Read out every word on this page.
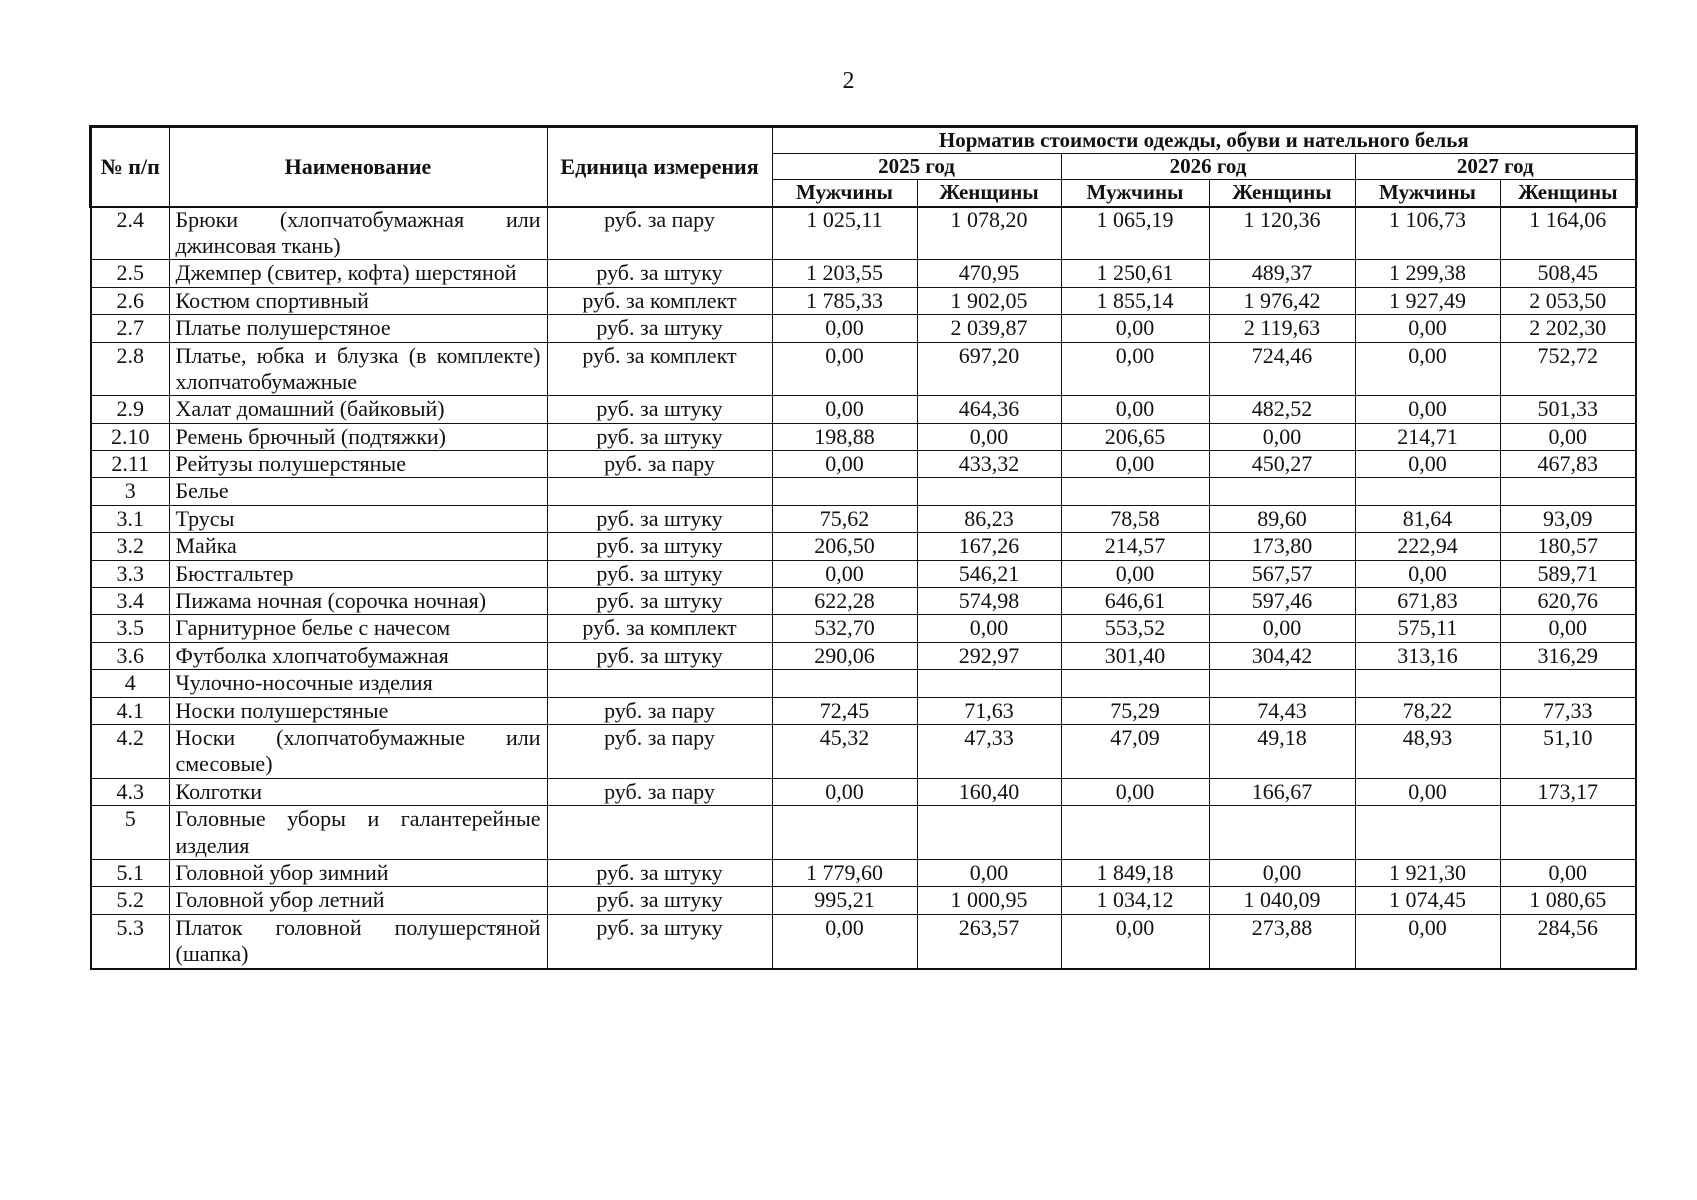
2
№ п/п	Наименование	Единица измерения	Норматив стоимости одежды, обуви и нательного белья					
			2025 год		2026 год		2027 год	
			Мужчины	Женщины	Мужчины	Женщины	Мужчины	Женщины
2.4	Брюки (хлопчатобумажная или джинсовая ткань)	руб. за пару	1 025,11	1 078,20	1 065,19	1 120,36	1 106,73	1 164,06
2.5	Джемпер (свитер, кофта) шерстяной	руб. за штуку	1 203,55	470,95	1 250,61	489,37	1 299,38	508,45
2.6	Костюм спортивный	руб. за комплект	1 785,33	1 902,05	1 855,14	1 976,42	1 927,49	2 053,50
2.7	Платье полушерстяное	руб. за штуку	0,00	2 039,87	0,00	2 119,63	0,00	2 202,30
2.8	Платье, юбка и блузка (в комплекте) хлопчатобумажные	руб. за комплект	0,00	697,20	0,00	724,46	0,00	752,72
2.9	Халат домашний (байковый)	руб. за штуку	0,00	464,36	0,00	482,52	0,00	501,33
2.10	Ремень брючный (подтяжки)	руб. за штуку	198,88	0,00	206,65	0,00	214,71	0,00
2.11	Рейтузы полушерстяные	руб. за пару	0,00	433,32	0,00	450,27	0,00	467,83
3	Белье							
3.1	Трусы	руб. за штуку	75,62	86,23	78,58	89,60	81,64	93,09
3.2	Майка	руб. за штуку	206,50	167,26	214,57	173,80	222,94	180,57
3.3	Бюстгальтер	руб. за штуку	0,00	546,21	0,00	567,57	0,00	589,71
3.4	Пижама ночная (сорочка ночная)	руб. за штуку	622,28	574,98	646,61	597,46	671,83	620,76
3.5	Гарнитурное белье с начесом	руб. за комплект	532,70	0,00	553,52	0,00	575,11	0,00
3.6	Футболка хлопчатобумажная	руб. за штуку	290,06	292,97	301,40	304,42	313,16	316,29
4	Чулочно-носочные изделия							
4.1	Носки полушерстяные	руб. за пару	72,45	71,63	75,29	74,43	78,22	77,33
4.2	Носки (хлопчатобумажные или смесовые)	руб. за пару	45,32	47,33	47,09	49,18	48,93	51,10
4.3	Колготки	руб. за пару	0,00	160,40	0,00	166,67	0,00	173,17
5	Головные уборы и галантерейные изделия							
5.1	Головной убор зимний	руб. за штуку	1 779,60	0,00	1 849,18	0,00	1 921,30	0,00
5.2	Головной убор летний	руб. за штуку	995,21	1 000,95	1 034,12	1 040,09	1 074,45	1 080,65
5.3	Платок головной полушерстяной (шапка)	руб. за штуку	0,00	263,57	0,00	273,88	0,00	284,56
